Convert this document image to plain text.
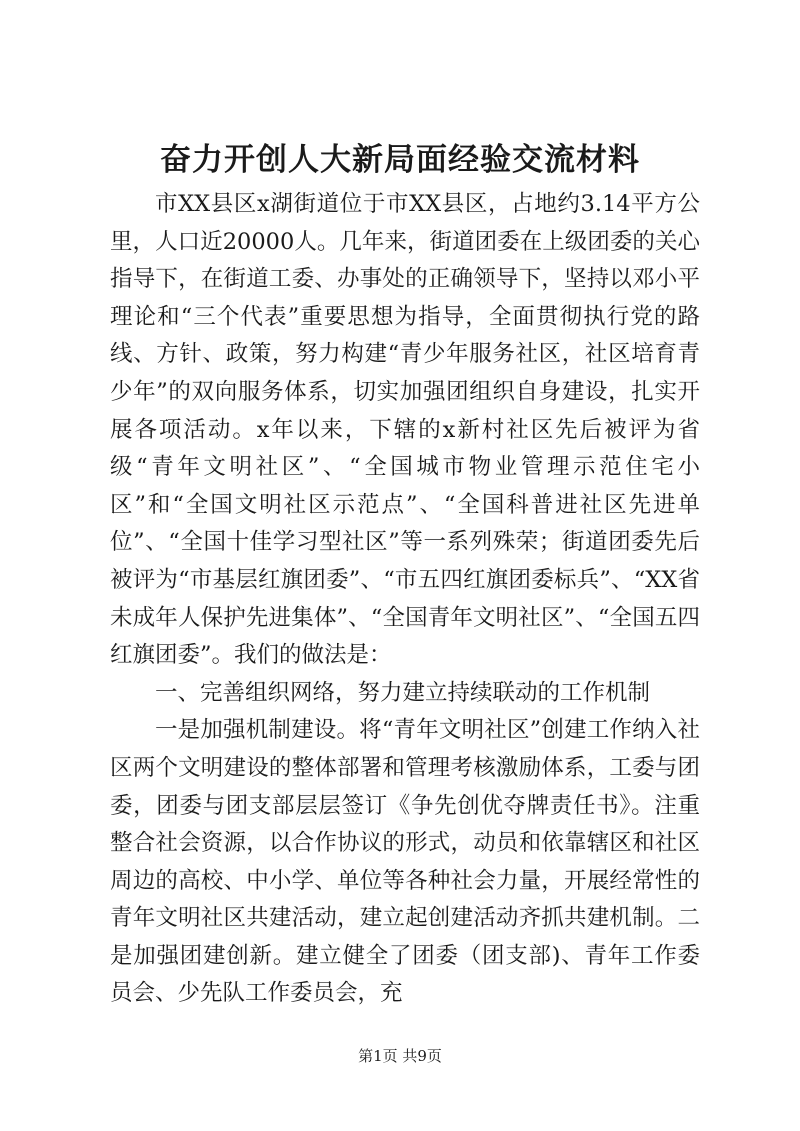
奋力开创人大新局面经验交流材料

市XX县区x湖街道位于市XX县区，占地约3.14平方公里，人口近20000人。几年来，街道团委在上级团委的关心指导下，在街道工委、办事处的正确领导下，坚持以邓小平理论和“三个代表”重要思想为指导，全面贯彻执行党的路线、方针、政策，努力构建“青少年服务社区，社区培育青少年”的双向服务体系，切实加强团组织自身建设，扎实开展各项活动。x年以来，下辖的x新村社区先后被评为省级“青年文明社区”、“全国城市物业管理示范住宅小区”和“全国文明社区示范点”、“全国科普进社区先进单位”、“全国十佳学习型社区”等一系列殊荣；街道团委先后被评为“市基层红旗团委”、“市五四红旗团委标兵”、“XX省未成年人保护先进集体”、“全国青年文明社区”、“全国五四红旗团委”。我们的做法是：

一、完善组织网络，努力建立持续联动的工作机制

一是加强机制建设。将“青年文明社区”创建工作纳入社区两个文明建设的整体部署和管理考核激励体系，工委与团委，团委与团支部层层签订《争先创优夺牌责任书》。注重整合社会资源，以合作协议的形式，动员和依靠辖区和社区周边的高校、中小学、单位等各种社会力量，开展经常性的青年文明社区共建活动，建立起创建活动齐抓共建机制。二是加强团建创新。建立健全了团委（团支部)、青年工作委员会、少先队工作委员会，充

第1页 共9页
